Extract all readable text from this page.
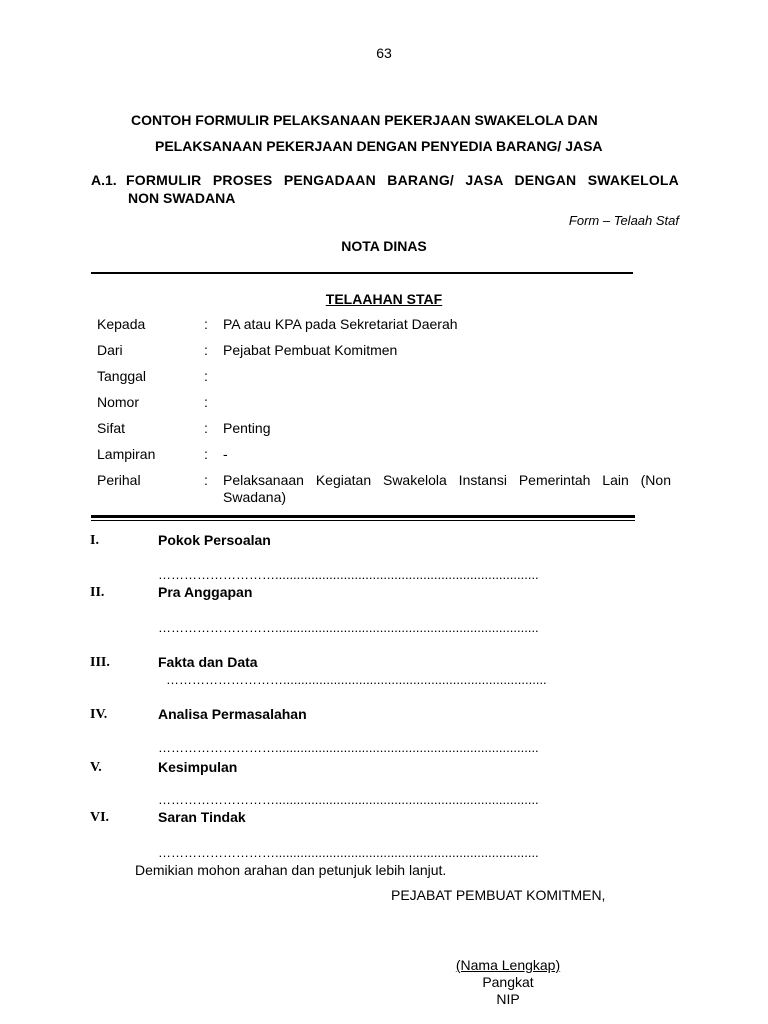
63
CONTOH FORMULIR PELAKSANAAN PEKERJAAN SWAKELOLA DAN
PELAKSANAAN PEKERJAAN DENGAN PENYEDIA BARANG/ JASA
A.1. FORMULIR PROSES PENGADAAN BARANG/ JASA DENGAN SWAKELOLA
NON SWADANA
Form – Telaah Staf
NOTA DINAS
TELAAHAN STAF
Kepada	: PA atau KPA pada Sekretariat Daerah
Dari	: Pejabat Pembuat Komitmen
Tanggal	:
Nomor	:
Sifat	: Penting
Lampiran	: -
Perihal	: Pelaksanaan Kegiatan Swakelola Instansi Pemerintah Lain (Non
Swadana)
I.	Pokok Persoalan
……………………….........................................................................
II.	Pra Anggapan
……………………….........................................................................
III.	Fakta dan Data
……………………….........................................................................
IV.	Analisa Permasalahan
……………………….........................................................................
V.	Kesimpulan
……………………….........................................................................
VI.	Saran Tindak
……………………….........................................................................
Demikian mohon arahan dan petunjuk lebih lanjut.
PEJABAT PEMBUAT KOMITMEN,
(Nama Lengkap)
Pangkat
NIP
